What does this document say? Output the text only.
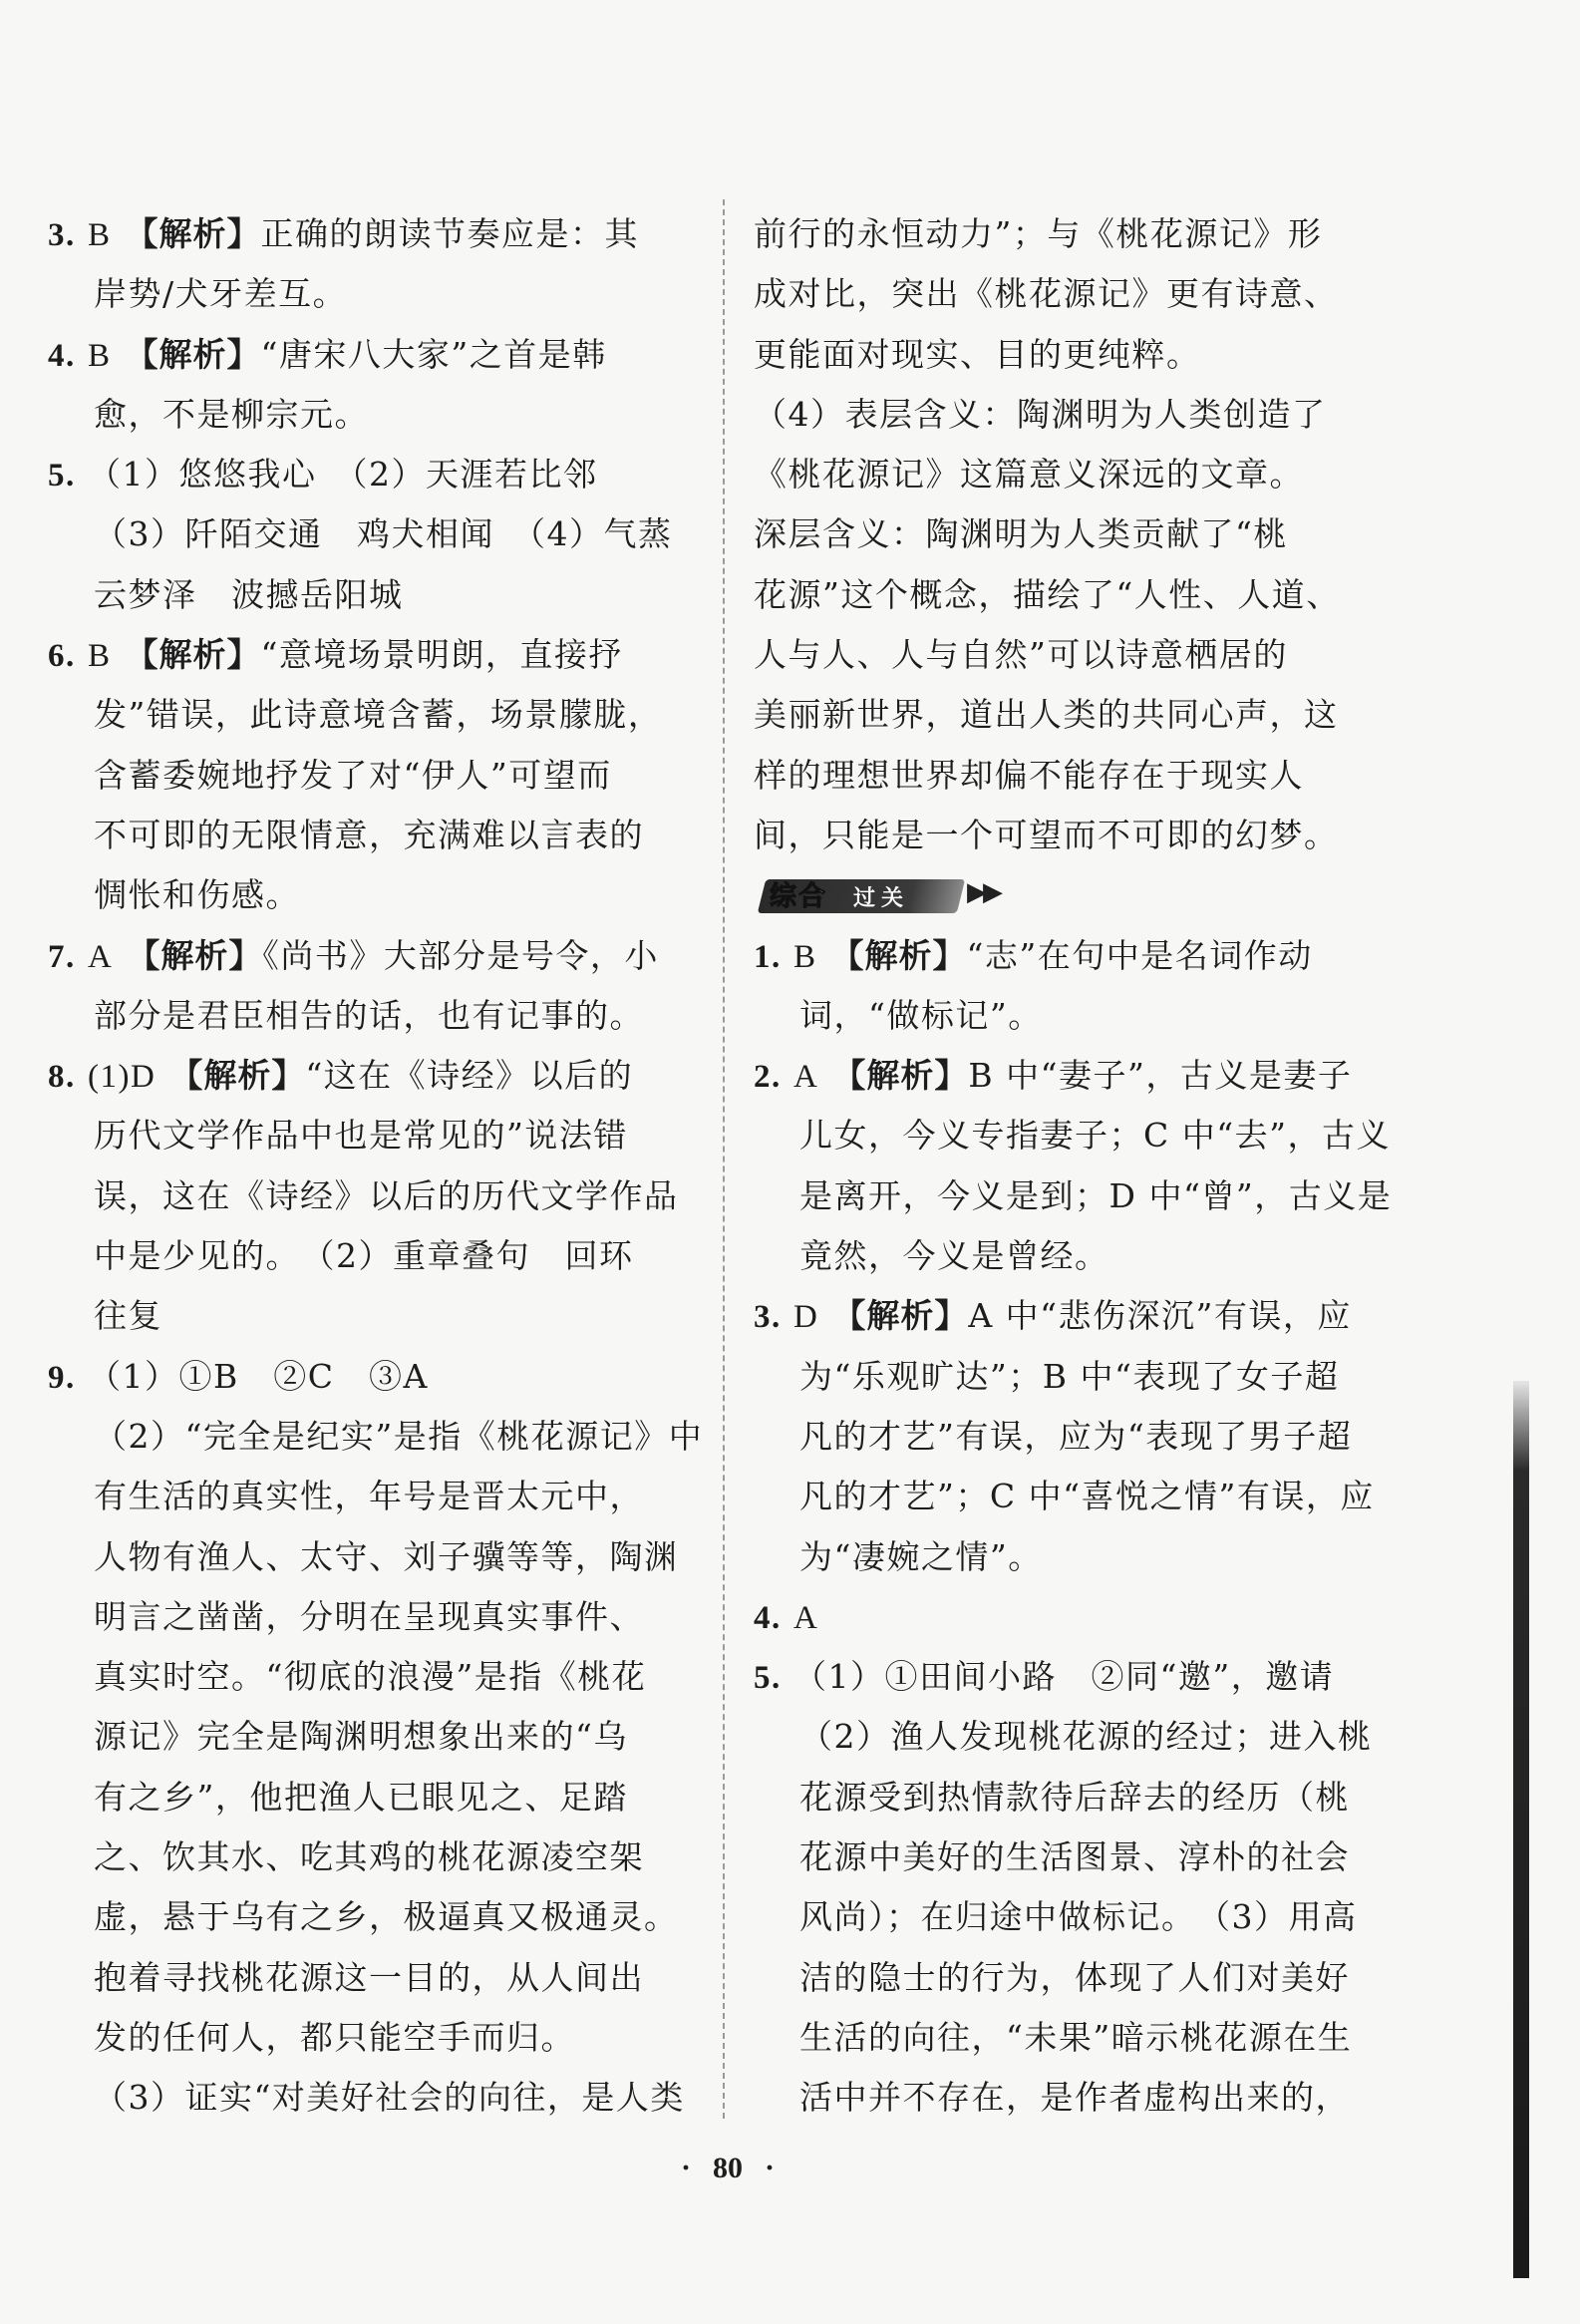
3. B 【解析】正确的朗读节奏应是：其
岸势/犬牙差互。
4. B 【解析】“唐宋八大家”之首是韩
愈，不是柳宗元。
5. （1）悠悠我心　（2）天涯若比邻
（3）阡陌交通　鸡犬相闻　（4）气蒸
云梦泽　波撼岳阳城
6. B 【解析】“意境场景明朗，直接抒
发”错误，此诗意境含蓄，场景朦胧，
含蓄委婉地抒发了对“伊人”可望而
不可即的无限情意，充满难以言表的
惆怅和伤感。
7. A 【解析】《尚书》大部分是号令，小
部分是君臣相告的话，也有记事的。
8. (1)D 【解析】“这在《诗经》以后的
历代文学作品中也是常见的”说法错
误，这在《诗经》以后的历代文学作品
中是少见的。　（2）重章叠句　回环
往复
9. （1）①B　②C　③A
（2）“完全是纪实”是指《桃花源记》中
有生活的真实性，年号是晋太元中，
人物有渔人、太守、刘子骥等等，陶渊
明言之凿凿，分明在呈现真实事件、
真实时空。“彻底的浪漫”是指《桃花
源记》完全是陶渊明想象出来的“乌
有之乡”，他把渔人已眼见之、足踏
之、饮其水、吃其鸡的桃花源凌空架
虚，悬于乌有之乡，极逼真又极通灵。
抱着寻找桃花源这一目的，从人间出
发的任何人，都只能空手而归。
（3）证实“对美好社会的向往，是人类
前行的永恒动力”；与《桃花源记》形
成对比，突出《桃花源记》更有诗意、
更能面对现实、目的更纯粹。
（4）表层含义：陶渊明为人类创造了
《桃花源记》这篇意义深远的文章。
深层含义：陶渊明为人类贡献了“桃
花源”这个概念，描绘了“人性、人道、
人与人、人与自然”可以诗意栖居的
美丽新世界，道出人类的共同心声，这
样的理想世界却偏不能存在于现实人
间，只能是一个可望而不可即的幻梦。
综合 过关 ▶▶
1. B 【解析】“志”在句中是名词作动
词，“做标记”。
2. A 【解析】B 中“妻子”，古义是妻子
儿女，今义专指妻子；C 中“去”，古义
是离开，今义是到；D 中“曾”，古义是
竟然，今义是曾经。
3. D 【解析】A 中“悲伤深沉”有误，应
为“乐观旷达”；B 中“表现了女子超
凡的才艺”有误，应为“表现了男子超
凡的才艺”；C 中“喜悦之情”有误，应
为“凄婉之情”。
4. A
5. （1）①田间小路　②同“邀”，邀请
（2）渔人发现桃花源的经过；进入桃
花源受到热情款待后辞去的经历（桃
花源中美好的生活图景、淳朴的社会
风尚）；在归途中做标记。　（3）用高
洁的隐士的行为，体现了人们对美好
生活的向往，“未果”暗示桃花源在生
活中并不存在，是作者虚构出来的，
· 80 ·
